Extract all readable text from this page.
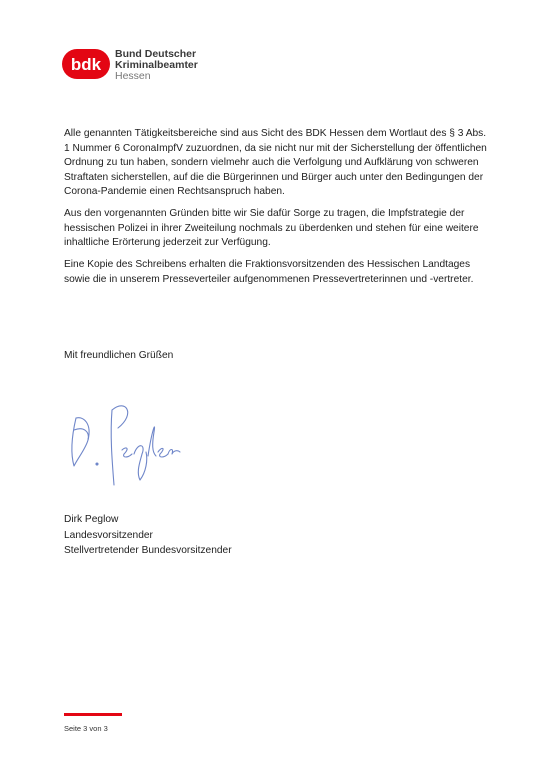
bdk
Bund Deutscher
Kriminalbeamter
Hessen

Alle genannten Tätigkeitsbereiche sind aus Sicht des BDK Hessen dem Wortlaut des § 3 Abs. 1 Nummer 6 CoronaImpfV zuzuordnen, da sie nicht nur mit der Sicherstellung der öffentlichen Ordnung zu tun haben, sondern vielmehr auch die Verfolgung und Aufklärung von schweren Straftaten sicherstellen, auf die die Bürgerinnen und Bürger auch unter den Bedingungen der Corona-Pandemie einen Rechtsanspruch haben.

Aus den vorgenannten Gründen bitte wir Sie dafür Sorge zu tragen, die Impfstrategie der hessischen Polizei in ihrer Zweiteilung nochmals zu überdenken und stehen für eine weitere inhaltliche Erörterung jederzeit zur Verfügung.

Eine Kopie des Schreibens erhalten die Fraktionsvorsitzenden des Hessischen Landtages sowie die in unserem Presseverteiler aufgenommenen Pressevertreterinnen und -vertreter.

Mit freundlichen Grüßen

Dirk Peglow
Landesvorsitzender
Stellvertretender Bundesvorsitzender

Seite 3 von 3
